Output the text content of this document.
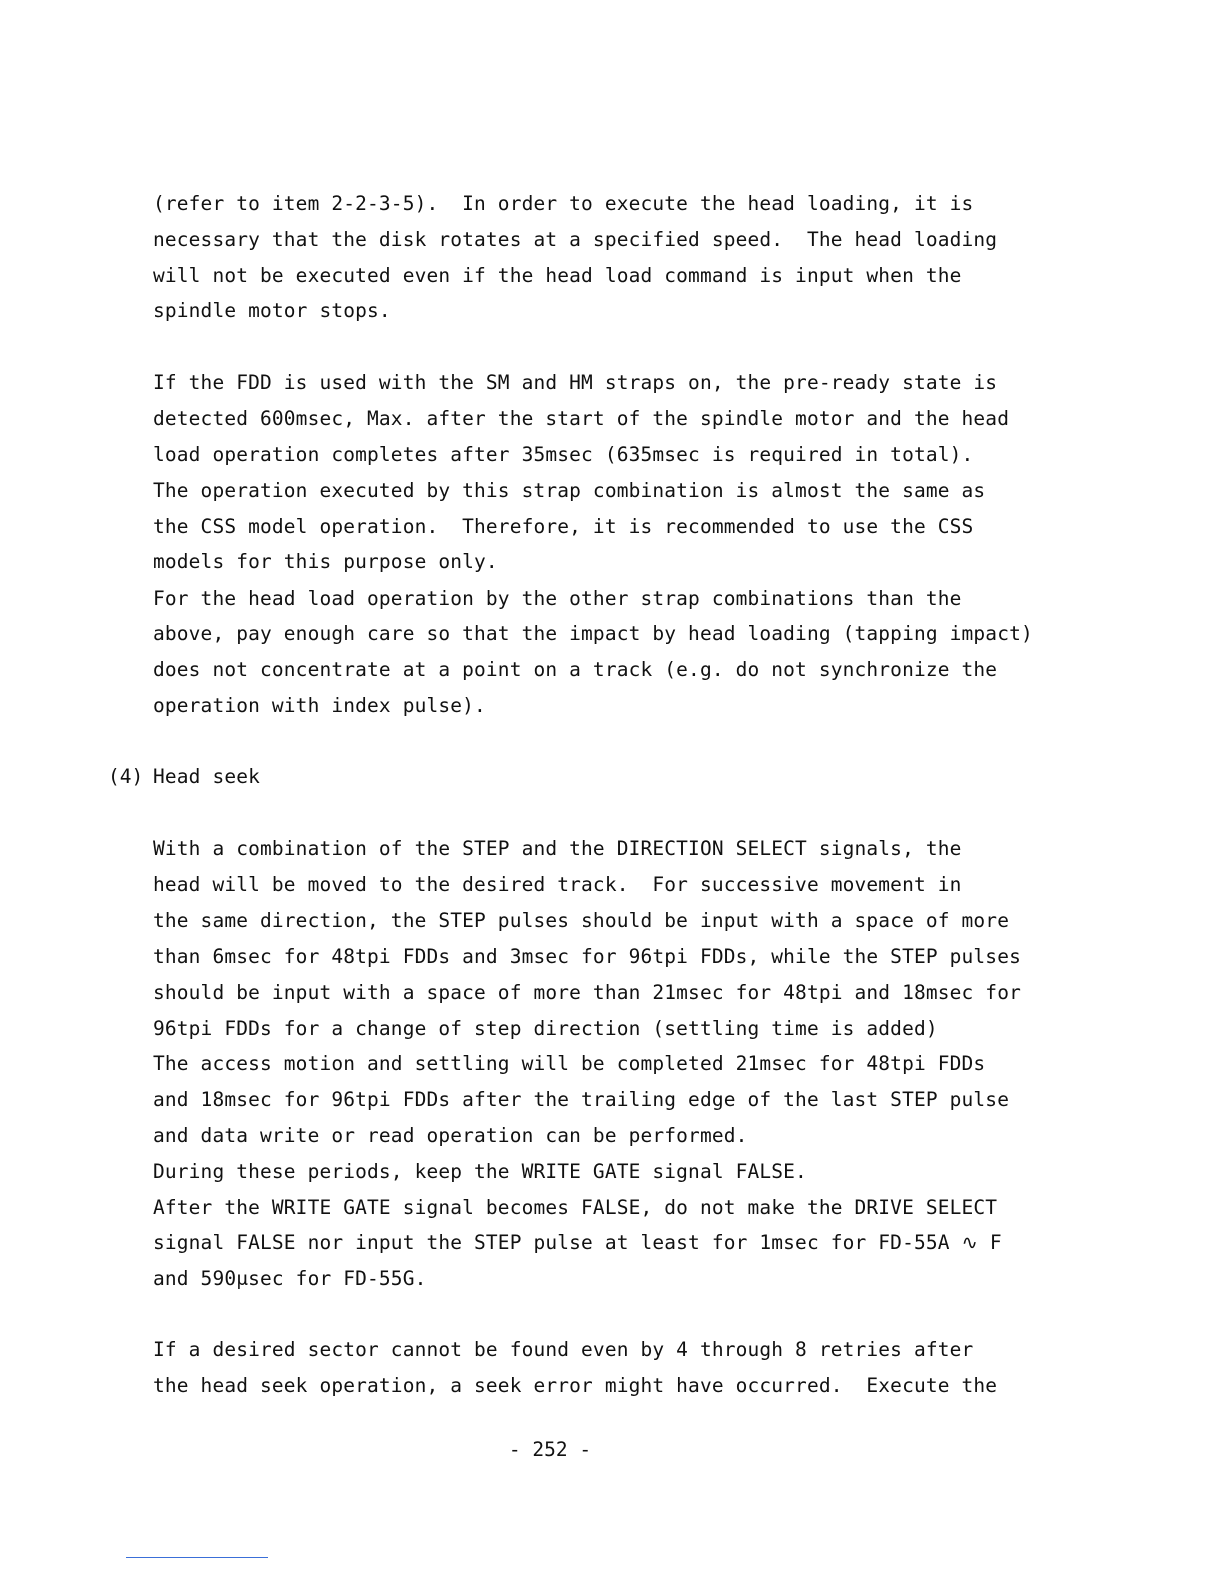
(refer to item 2-2-3-5).  In order to execute the head loading, it is
necessary that the disk rotates at a specified speed.  The head loading
will not be executed even if the head load command is input when the
spindle motor stops.
If the FDD is used with the SM and HM straps on, the pre-ready state is
detected 600msec, Max. after the start of the spindle motor and the head
load operation completes after 35msec (635msec is required in total).
The operation executed by this strap combination is almost the same as
the CSS model operation.  Therefore, it is recommended to use the CSS
models for this purpose only.
For the head load operation by the other strap combinations than the
above, pay enough care so that the impact by head loading (tapping impact)
does not concentrate at a point on a track (e.g. do not synchronize the
operation with index pulse).
(4) Head seek
With a combination of the STEP and the DIRECTION SELECT signals, the
head will be moved to the desired track.  For successive movement in
the same direction, the STEP pulses should be input with a space of more
than 6msec for 48tpi FDDs and 3msec for 96tpi FDDs, while the STEP pulses
should be input with a space of more than 21msec for 48tpi and 18msec for
96tpi FDDs for a change of step direction (settling time is added)
The access motion and settling will be completed 21msec for 48tpi FDDs
and 18msec for 96tpi FDDs after the trailing edge of the last STEP pulse
and data write or read operation can be performed.
During these periods, keep the WRITE GATE signal FALSE.
After the WRITE GATE signal becomes FALSE, do not make the DRIVE SELECT
signal FALSE nor input the STEP pulse at least for 1msec for FD-55A ∿ F
and 590μsec for FD-55G.
If a desired sector cannot be found even by 4 through 8 retries after
the head seek operation, a seek error might have occurred.  Execute the
- 252 -
